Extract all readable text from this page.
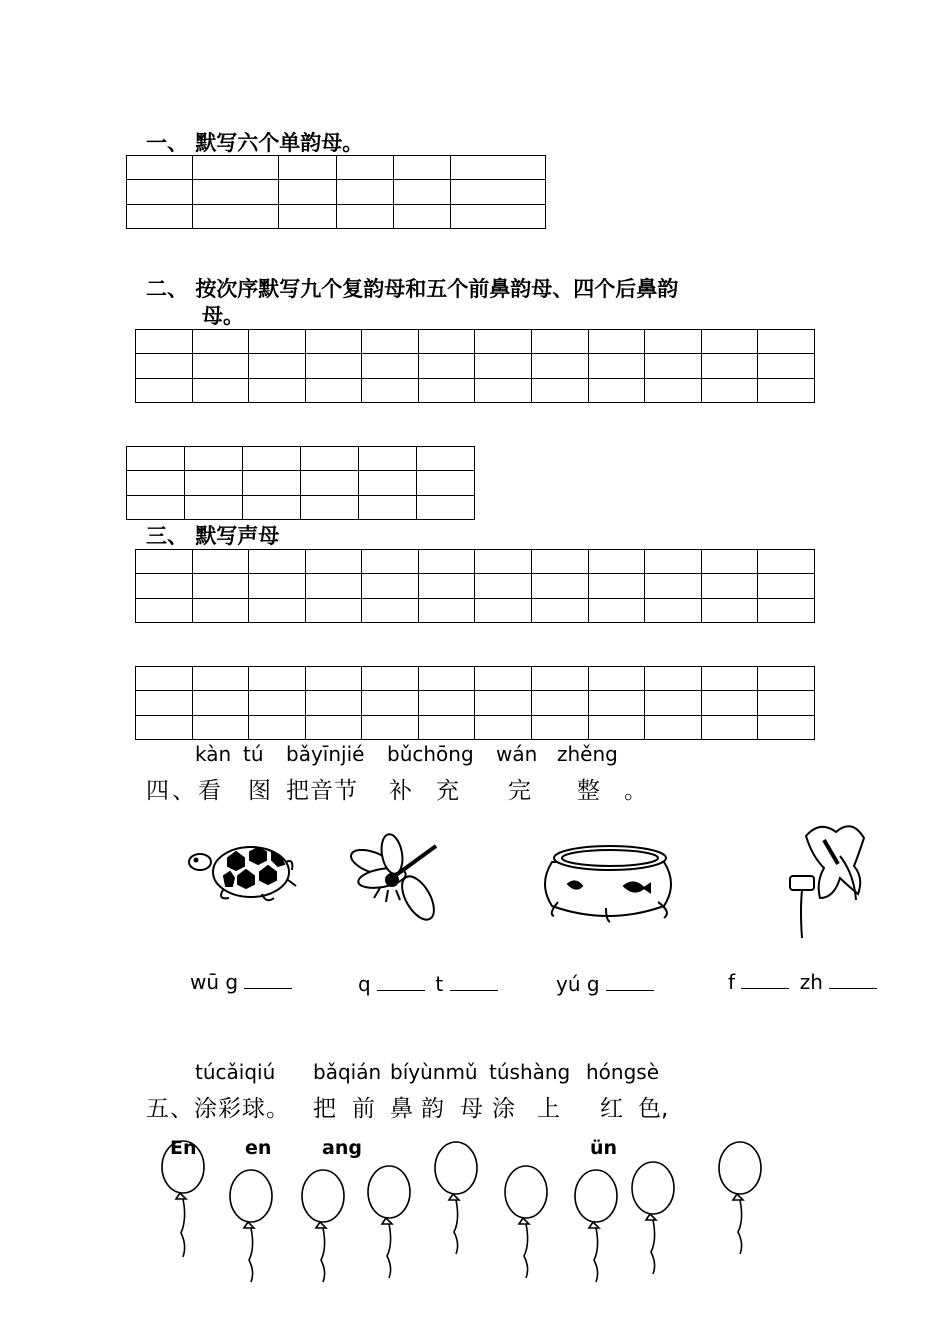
一、 默写六个单韵母。

二、 按次序默写九个复韵母和五个前鼻韵母、四个后鼻韵
母。

三、 默写声母

kàn tú bǎyīnjié bǔchōng wán zhěng
四、看 图 把音节 补 充 完 整 。
wū g	q	t	yú g	f	zh
túcǎiqiú bǎqián bíyùnmǔ túshàng hóngsè
五、涂彩球。 把 前 鼻 韵 母 涂 上 红 色,
En	en	ang	ün
